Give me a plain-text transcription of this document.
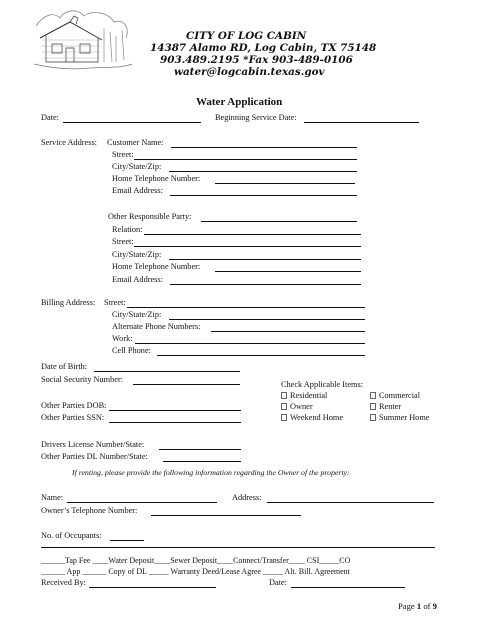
CITY OF LOG CABIN
14387 Alamo RD, Log Cabin, TX 75148
903.489.2195 *Fax 903-489-0106
water@logcabin.texas.gov
Water Application
Date:	Beginning Service Date:
Service Address: Customer Name:
Street:
City/State/Zip:
Home Telephone Number:
Email Address:
Other Responsible Party:
Relation:
Street:
City/State/Zip:
Home Telephone Number:
Email Address:
Billing Address: Street:
City/State/Zip:
Alternate Phone Numbers:
Work:
Cell Phone:
Date of Birth:
Social Security Number:
Other Parties DOB:
Other Parties SSN:
Check Applicable Items:
Residential	Commercial
Owner	Renter
Weekend Home	Summer Home
Drivers License Number/State:
Other Parties DL Number/State:
If renting, please provide the following information regarding the Owner of the property:
Name:	Address:
Owner’s Telephone Number:
No. of Occupants:
______Tap Fee ____Water Deposit____Sewer Deposit____Connect/Transfer____ CSI_____CO
______ App ______ Copy of DL _____ Warranty Deed/Lease Agree _____ Alt. Bill. Agreement
Received By:	Date:
Page 1 of 9
